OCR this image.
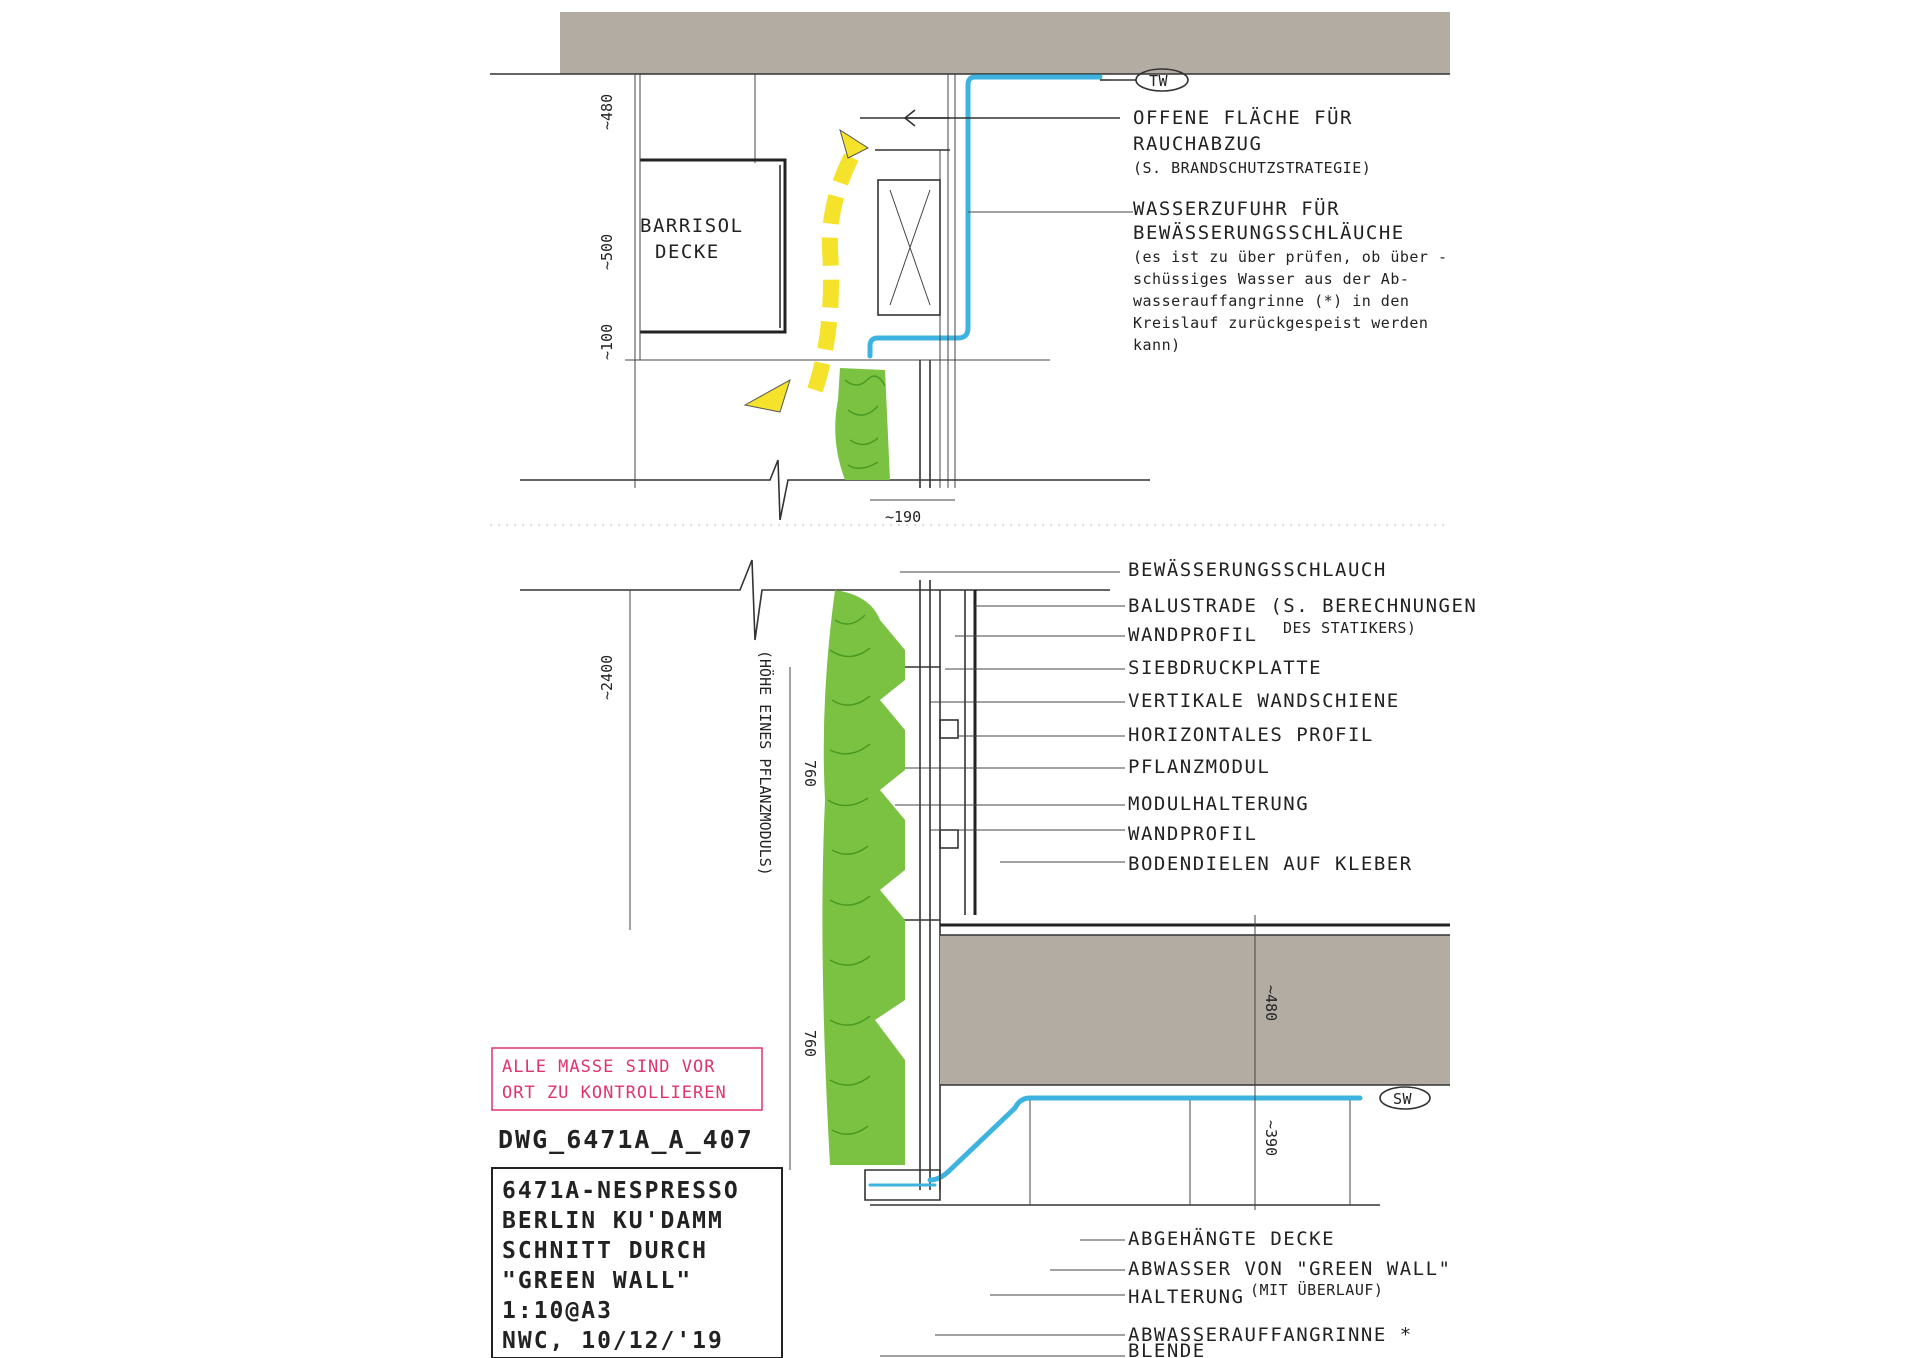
TW
~480
~500
~100
~190
BARRISOL
DECKE
OFFENE FLÄCHE FÜR
RAUCHABZUG
(S. BRANDSCHUTZSTRATEGIE)
WASSERZUFUHR FÜR
BEWÄSSERUNGSSCHLÄUCHE
(es ist zu über prüfen, ob über -
schüssiges Wasser aus der Ab-
wasserauffangrinne (*) in den
Kreislauf zurückgespeist werden
kann)
SW
~2400	(HÖHE EINES PFLANZMODULS) 760
760
~480
~390
BEWÄSSERUNGSSCHLAUCH
BALUSTRADE (S. BERECHNUNGEN
DES STATIKERS)
WANDPROFIL
SIEBDRUCKPLATTE
VERTIKALE WANDSCHIENE
HORIZONTALES PROFIL
PFLANZMODUL
MODULHALTERUNG
WANDPROFIL
BODENDIELEN AUF KLEBER
ABGEHÄNGTE DECKE
ABWASSER VON "GREEN WALL"
(MIT ÜBERLAUF)
HALTERUNG
ABWASSERAUFFANGRINNE *
ALLE MASSE SIND VOR
ORT ZU KONTROLLIEREN
DWG_6471A_A_407
6471A-NESPRESSO
BERLIN KU'DAMM
SCHNITT DURCH
"GREEN WALL"
1:10@A3
NWC, 10/12/'19	BLENDE
